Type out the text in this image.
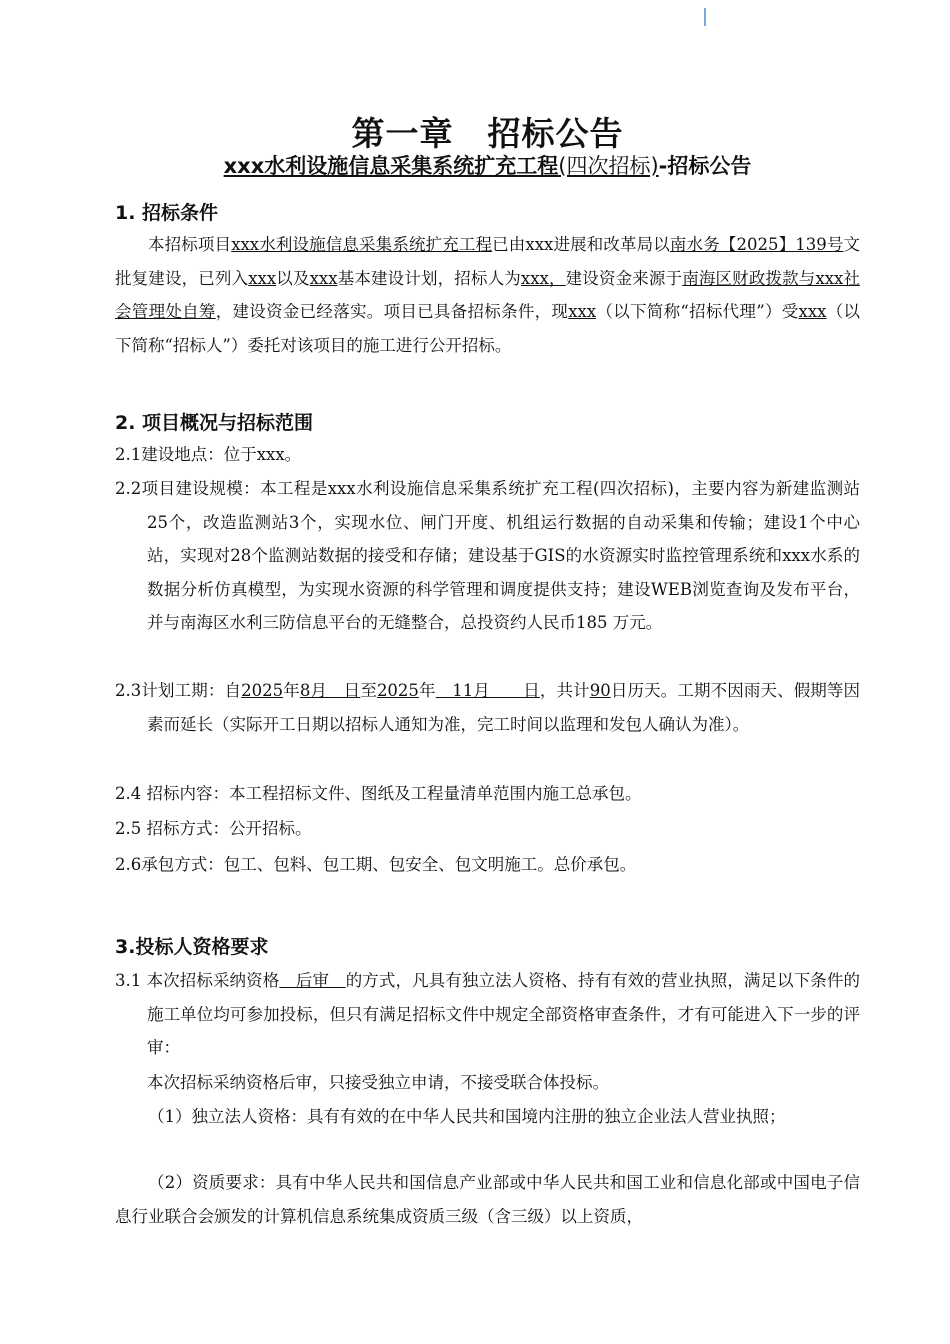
第一章　招标公告
xxx水利设施信息采集系统扩充工程(四次招标)-招标公告
1. 招标条件
本招标项目xxx水利设施信息采集系统扩充工程已由xxx进展和改革局以南水务【2025】139号文批复建设，已列入xxx以及xxx基本建设计划，招标人为xxx，建设资金来源于南海区财政拨款与xxx社会管理处自筹，建设资金已经落实。项目已具备招标条件，现xxx（以下简称“招标代理”）受xxx（以下简称“招标人”）委托对该项目的施工进行公开招标。
2. 项目概况与招标范围
2.1建设地点：位于xxx。
2.2项目建设规模：本工程是xxx水利设施信息采集系统扩充工程(四次招标)，主要内容为新建监测站25个，改造监测站3个，实现水位、闸门开度、机组运行数据的自动采集和传输；建设1个中心站，实现对28个监测站数据的接受和存储；建设基于GIS的水资源实时监控管理系统和xxx水系的数据分析仿真模型，为实现水资源的科学管理和调度提供支持；建设WEB浏览查询及发布平台，并与南海区水利三防信息平台的无缝整合，总投资约人民币185 万元。
2.3计划工期：自2025年8月　日至2025年　11月　　日，共计90日历天。工期不因雨天、假期等因素而延长（实际开工日期以招标人通知为准，完工时间以监理和发包人确认为准）。
2.4 招标内容：本工程招标文件、图纸及工程量清单范围内施工总承包。
2.5 招标方式：公开招标。
2.6承包方式：包工、包料、包工期、包安全、包文明施工。总价承包。
3.投标人资格要求
3.1 本次招标采纳资格　后审　的方式，凡具有独立法人资格、持有有效的营业执照，满足以下条件的施工单位均可参加投标，但只有满足招标文件中规定全部资格审查条件，才有可能进入下一步的评审：
本次招标采纳资格后审，只接受独立申请，不接受联合体投标。
（1）独立法人资格：具有有效的在中华人民共和国境内注册的独立企业法人营业执照；
（2）资质要求：具有中华人民共和国信息产业部或中华人民共和国工业和信息化部或中国电子信息行业联合会颁发的计算机信息系统集成资质三级（含三级）以上资质，
